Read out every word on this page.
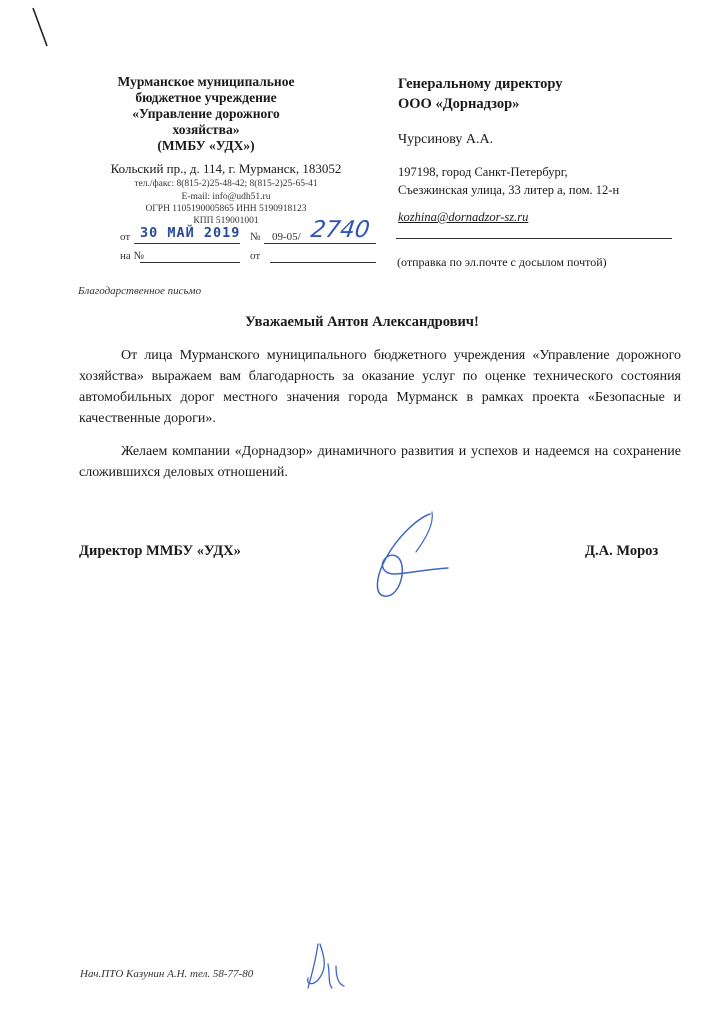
Мурманское муниципальное
бюджетное учреждение
«Управление дорожного
хозяйства»
(ММБУ «УДХ»)
Кольский пр., д. 114, г. Мурманск, 183052
тел./факс: 8(815-2)25-48-42; 8(815-2)25-65-41
E-mail: info@udh51.ru
ОГРН 1105190005865 ИНН 5190918123
КПП 519001001
от 30 МАЙ 2019 № 09-05/ 2740
на №	от
Генеральному директору
ООО «Дорнадзор»
Чурсинову А.А.
197198, город Санкт-Петербург,
Съезжинская улица, 33 литер а, пом. 12-н
kozhina@dornadzor-sz.ru
(отправка по эл.почте с досылом почтой)
Благодарственное письмо
Уважаемый Антон Александрович!

От лица Мурманского муниципального бюджетного учреждения «Управление дорожного хозяйства» выражаем вам благодарность за оказание услуг по оценке технического состояния автомобильных дорог местного значения города Мурманск в рамках проекта «Безопасные и качественные дороги».

Желаем компании «Дорнадзор» динамичного развития и успехов и надеемся на сохранение сложившихся деловых отношений.

Директор ММБУ «УДХ»	Д.А. Мороз
Нач.ПТО Казунин А.Н. тел. 58-77-80
